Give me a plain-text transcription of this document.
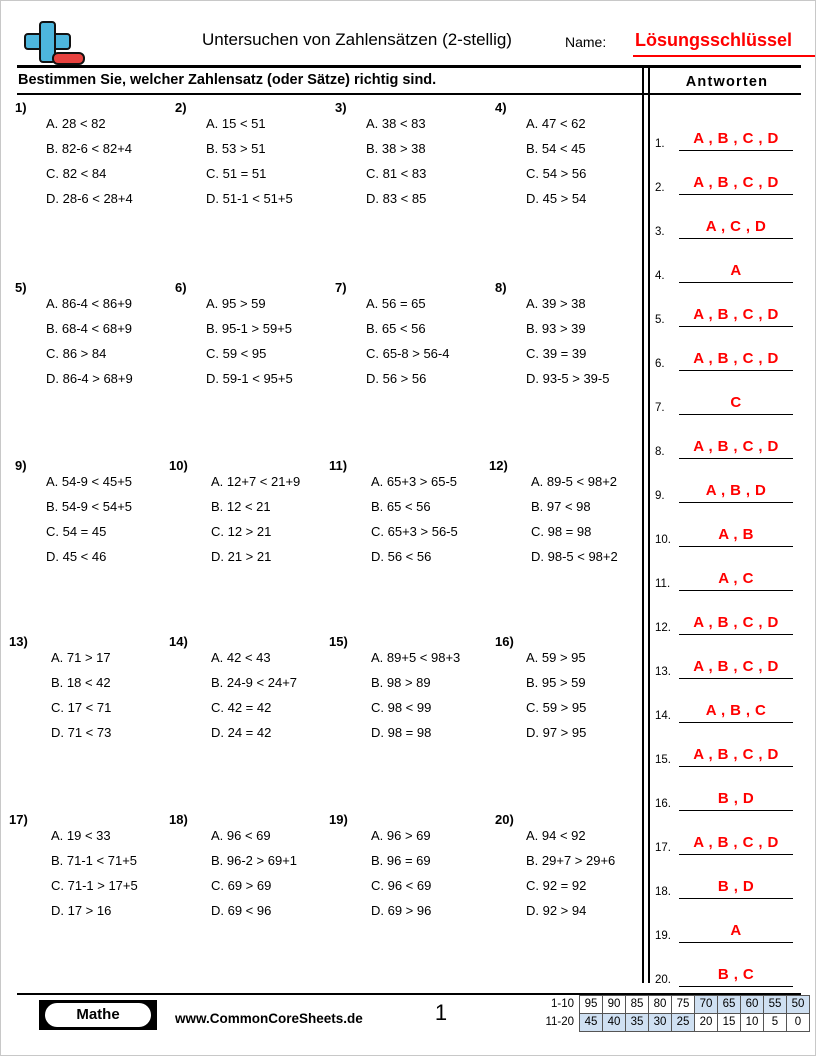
Untersuchen von Zahlensätzen (2-stellig)	Name: Lösungsschlüssel
Bestimmen Sie, welcher Zahlensatz (oder Sätze) richtig sind.
1)
A. 28 < 82
B. 82-6 < 82+4
C. 82 < 84
D. 28-6 < 28+4
2)
A. 15 < 51
B. 53 > 51
C. 51 = 51
D. 51-1 < 51+5
3)
A. 38 < 83
B. 38 > 38
C. 81 < 83
D. 83 < 85
4)
A. 47 < 62
B. 54 < 45
C. 54 > 56
D. 45 > 54
5)
A. 86-4 < 86+9
B. 68-4 < 68+9
C. 86 > 84
D. 86-4 > 68+9
6)
A. 95 > 59
B. 95-1 > 59+5
C. 59 < 95
D. 59-1 < 95+5
7)
A. 56 = 65
B. 65 < 56
C. 65-8 > 56-4
D. 56 > 56
8)
A. 39 > 38
B. 93 > 39
C. 39 = 39
D. 93-5 > 39-5
9)
A. 54-9 < 45+5
B. 54-9 < 54+5
C. 54 = 45
D. 45 < 46
10)
A. 12+7 < 21+9
B. 12 < 21
C. 12 > 21
D. 21 > 21
11)
A. 65+3 > 65-5
B. 65 < 56
C. 65+3 > 56-5
D. 56 < 56
12)
A. 89-5 < 98+2
B. 97 < 98
C. 98 = 98
D. 98-5 < 98+2
13)
A. 71 > 17
B. 18 < 42
C. 17 < 71
D. 71 < 73
14)
A. 42 < 43
B. 24-9 < 24+7
C. 42 = 42
D. 24 = 42
15)
A. 89+5 < 98+3
B. 98 > 89
C. 98 < 99
D. 98 = 98
16)
A. 59 > 95
B. 95 > 59
C. 59 > 95
D. 97 > 95
17)
A. 19 < 33
B. 71-1 < 71+5
C. 71-1 > 17+5
D. 17 > 16
18)
A. 96 < 69
B. 96-2 > 69+1
C. 69 > 69
D. 69 < 96
19)
A. 96 > 69
B. 96 = 69
C. 96 < 69
D. 69 > 96
20)
A. 94 < 92
B. 29+7 > 29+6
C. 92 = 92
D. 92 > 94
Antworten
1.	A , B , C , D
2.	A , B , C , D
3.	A , C , D
4.	A
5.	A , B , C , D
6.	A , B , C , D
7.	C
8.	A , B , C , D
9.	A , B , D
10.	A , B
11.	A , C
12.	A , B , C , D
13.	A , B , C , D
14.	A , B , C
15.	A , B , C , D
16.	B , D
17.	A , B , C , D
18.	B , D
19.	A
20.	B , C
Mathe	www.CommonCoreSheets.de	1	1-10	95	90	85	80	75	70	65	60	55	50
11-20	45	40	35	30	25	20	15	10	5	0
